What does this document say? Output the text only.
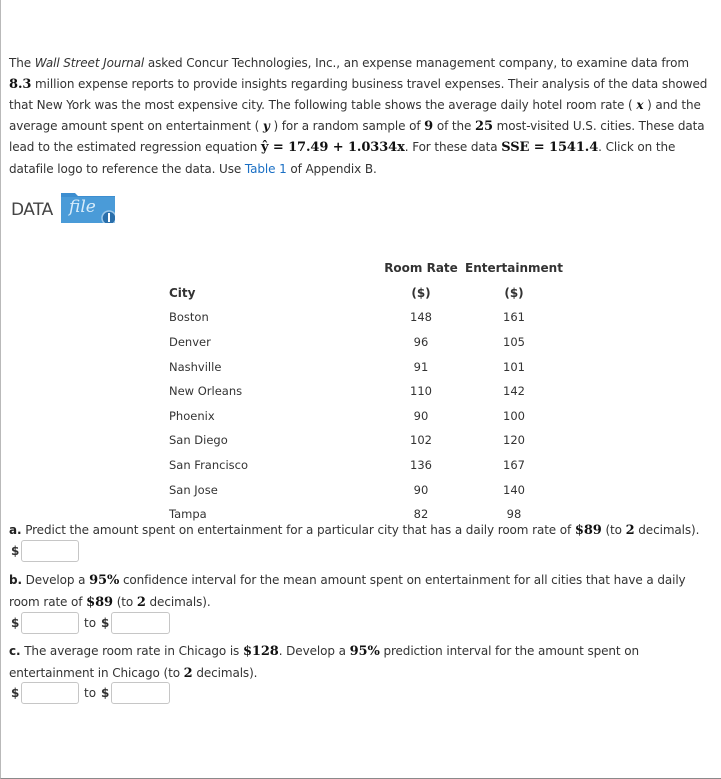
The Wall Street Journal asked Concur Technologies, Inc., an expense management company, to examine data from 8.3 million expense reports to provide insights regarding business travel expenses. Their analysis of the data showed that New York was the most expensive city. The following table shows the average daily hotel room rate ( x ) and the average amount spent on entertainment ( y ) for a random sample of 9 of the 25 most-visited U.S. cities. These data lead to the estimated regression equation ŷ = 17.49 + 1.0334x. For these data SSE = 1541.4. Click on the datafile logo to reference the data. Use Table 1 of Appendix B.
DATA file
	Room Rate	Entertainment
City	($)	($)
Boston	148	161
Denver	96	105
Nashville	91	101
New Orleans	110	142
Phoenix	90	100
San Diego	102	120
San Francisco	136	167
San Jose	90	140
Tampa	82	98
a. Predict the amount spent on entertainment for a particular city that has a daily room rate of $89 (to 2 decimals).
$
b. Develop a 95% confidence interval for the mean amount spent on entertainment for all cities that have a daily room rate of $89 (to 2 decimals).
$	to $
c. The average room rate in Chicago is $128. Develop a 95% prediction interval for the amount spent on entertainment in Chicago (to 2 decimals).
$	to $
